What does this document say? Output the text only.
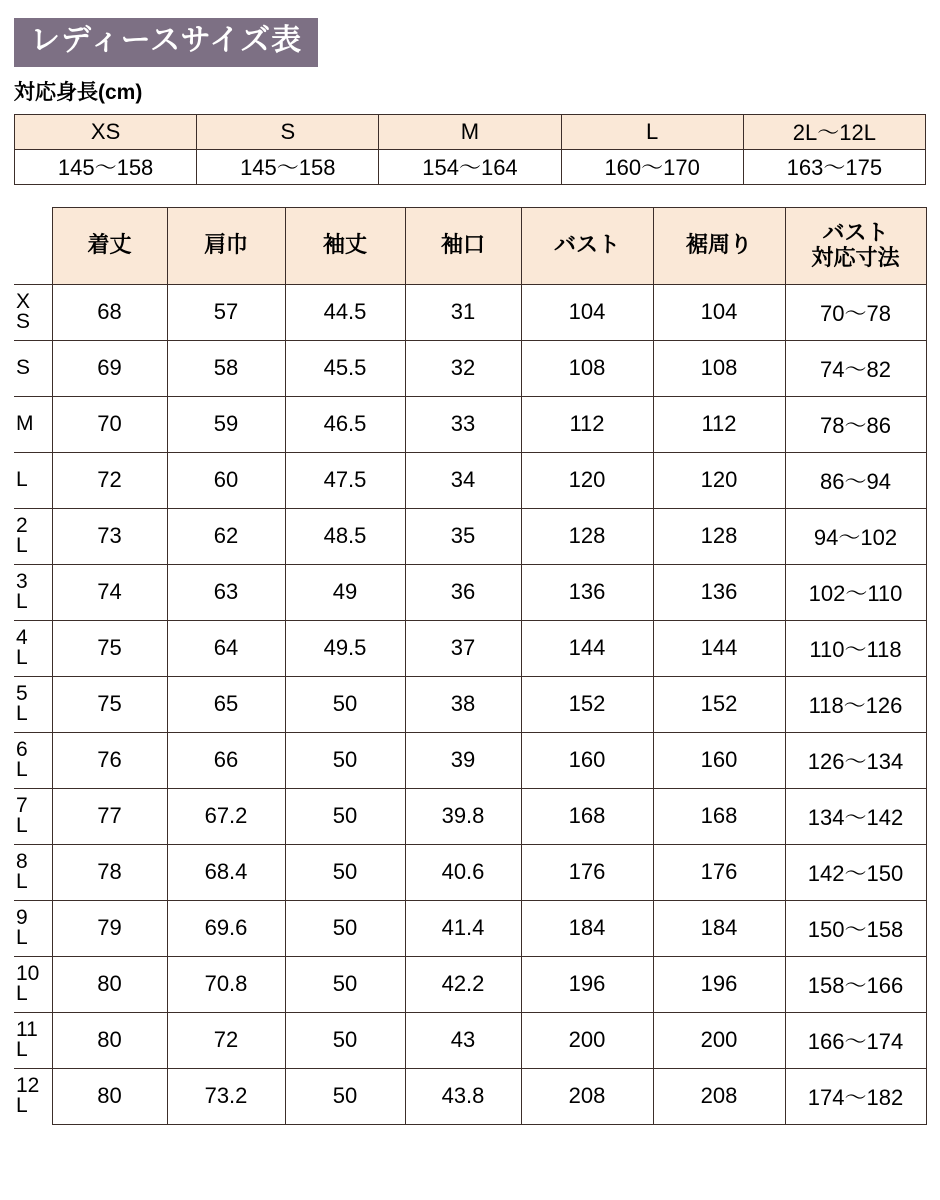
レディースサイズ表
対応身長(cm)
XS	S	M	L	2L〜12L
145〜158	145〜158	154〜164	160〜170	163〜175
	着丈	肩巾	袖丈	袖口	バスト	裾周り	バスト
対応寸法

X
S	68	57	44.5	31	104	104	70〜78

S	69	58	45.5	32	108	108	74〜82

M	70	59	46.5	33	112	112	78〜86

L	72	60	47.5	34	120	120	86〜94

2
L	73	62	48.5	35	128	128	94〜102

3
L	74	63	49	36	136	136	102〜110

4
L	75	64	49.5	37	144	144	110〜118

5
L	75	65	50	38	152	152	118〜126

6
L	76	66	50	39	160	160	126〜134

7
L	77	67.2	50	39.8	168	168	134〜142

8
L	78	68.4	50	40.6	176	176	142〜150

9
L	79	69.6	50	41.4	184	184	150〜158

10
L	80	70.8	50	42.2	196	196	158〜166

11
L	80	72	50	43	200	200	166〜174

12
L	80	73.2	50	43.8	208	208	174〜182
